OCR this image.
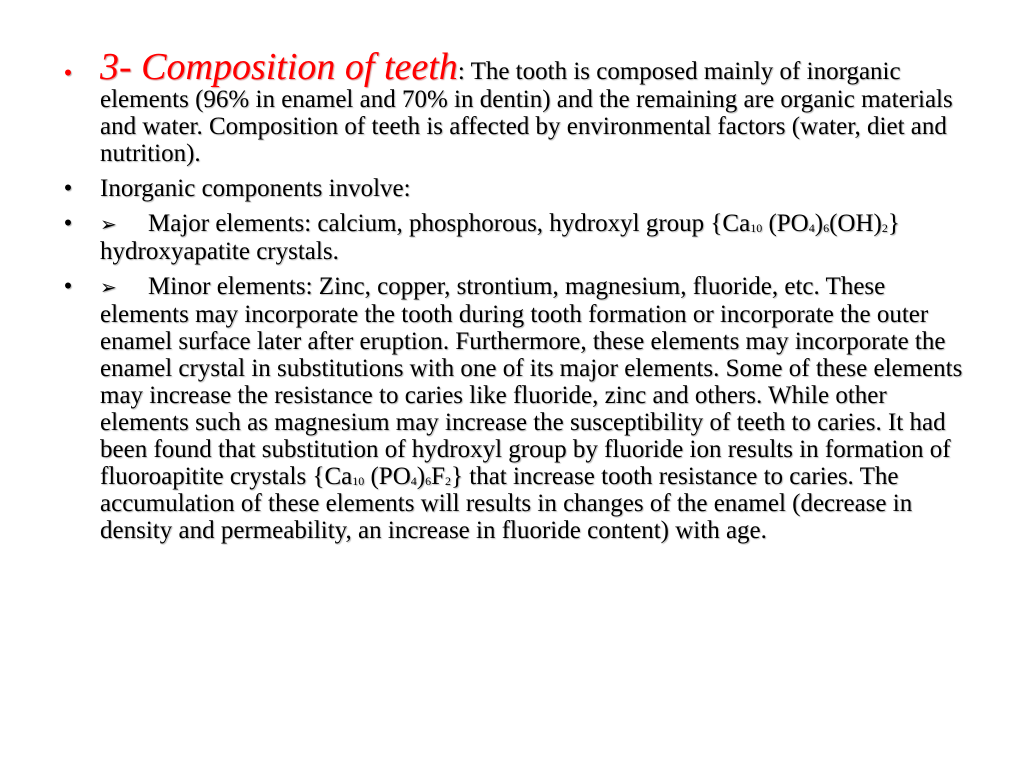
• 3- Composition of teeth: The tooth is composed mainly of inorganic elements (96% in enamel and 70% in dentin) and the remaining are organic materials and water. Composition of teeth is affected by environmental factors (water, diet and nutrition).
• Inorganic components involve:
• ➢ Major elements: calcium, phosphorous, hydroxyl group {$Ca_{10}$ $(PO_4)_6(OH)_2$} hydroxyapatite crystals.
• ➢ Minor elements: Zinc, copper, strontium, magnesium, fluoride, etc. These elements may incorporate the tooth during tooth formation or incorporate the outer enamel surface later after eruption. Furthermore, these elements may incorporate the enamel crystal in substitutions with one of its major elements. Some of these elements may increase the resistance to caries like fluoride, zinc and others. While other elements such as magnesium may increase the susceptibility of teeth to caries. It had been found that substitution of hydroxyl group by fluoride ion results in formation of fluoroapitite crystals {$Ca_{10}$ $(PO_4)_6F_2$} that increase tooth resistance to caries. The accumulation of these elements will results in changes of the enamel (decrease in density and permeability, an increase in fluoride content) with age.
